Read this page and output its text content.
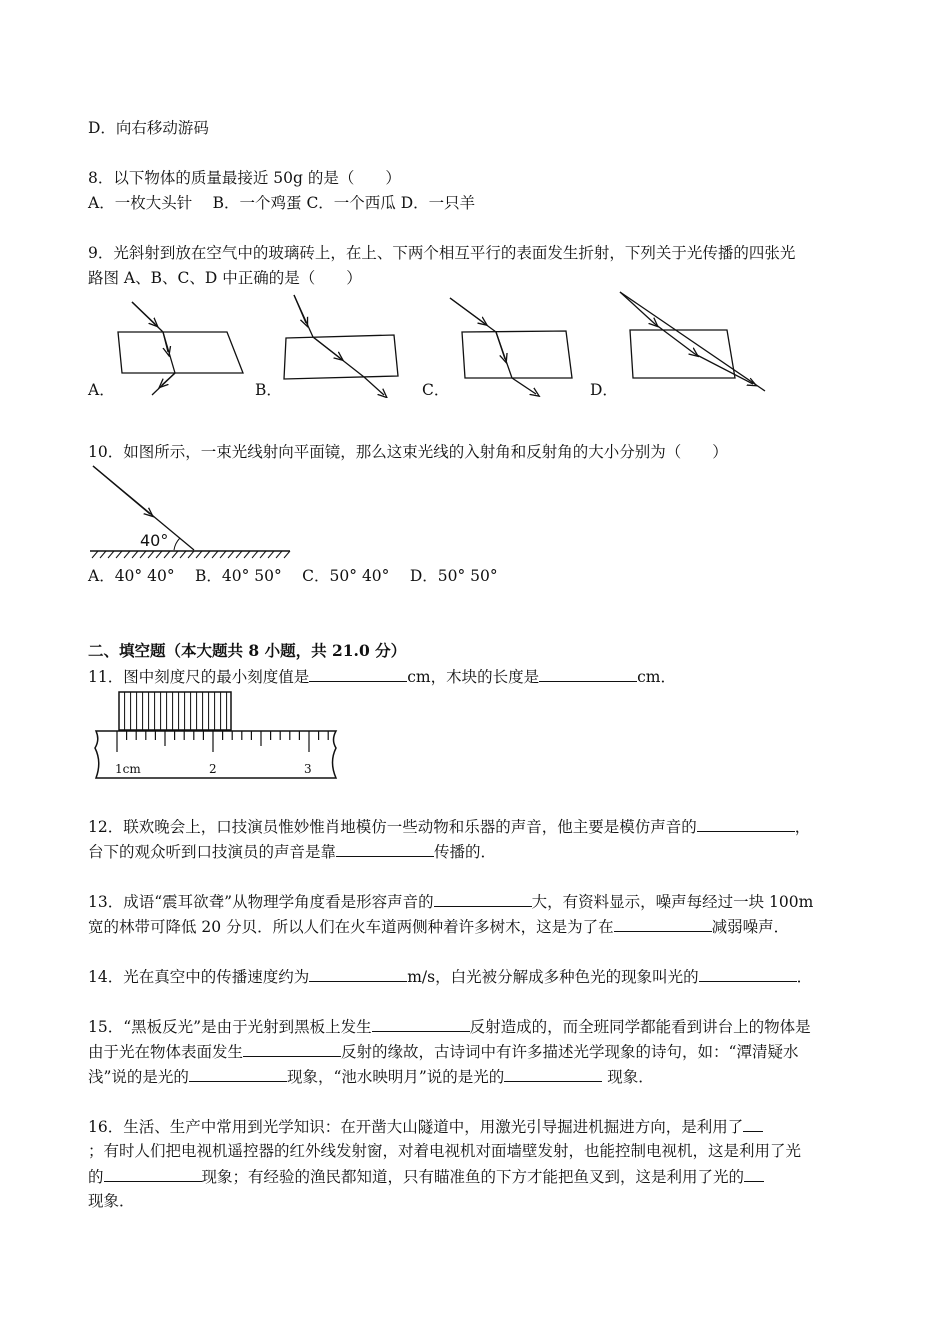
D．向右移动游码
8．以下物体的质量最接近 50g 的是（　　）
A．一枚大头针　 B．一个鸡蛋 C．一个西瓜 D．一只羊
9．光斜射到放在空气中的玻璃砖上，在上、下两个相互平行的表面发生折射，下列关于光传播的四张光
路图 A、B、C、D 中正确的是（　　）
A．	B．	C．	D．
10．如图所示，一束光线射向平面镜，那么这束光线的入射角和反射角的大小分别为（　　）
40°
A．40° 40°　 B．40° 50°　 C．50° 40°　 D．50° 50°
二、填空题（本大题共 8 小题，共 21.0 分）
11．图中刻度尺的最小刻度值是	cm，木块的长度是	cm．
1cm	2	3
12．联欢晚会上，口技演员惟妙惟肖地模仿一些动物和乐器的声音，他主要是模仿声音的	，
台下的观众听到口技演员的声音是靠	传播的．
13．成语“震耳欲聋”从物理学角度看是形容声音的	大，有资料显示，噪声每经过一块 100m
宽的林带可降低 20 分贝．所以人们在火车道两侧种着许多树木，这是为了在	减弱噪声．
14．光在真空中的传播速度约为	m/s，白光被分解成多种色光的现象叫光的	．
15．“黑板反光”是由于光射到黑板上发生	反射造成的，而全班同学都能看到讲台上的物体是
由于光在物体表面发生	反射的缘故，古诗词中有许多描述光学现象的诗句，如：“潭清疑水
浅”说的是光的	现象，“池水映明月”说的是光的	现象．
16．生活、生产中常用到光学知识：在开凿大山隧道中，用激光引导掘进机掘进方向，是利用了
；有时人们把电视机遥控器的红外线发射窗，对着电视机对面墙壁发射，也能控制电视机，这是利用了光
的	现象；有经验的渔民都知道，只有瞄准鱼的下方才能把鱼叉到，这是利用了光的
现象．
